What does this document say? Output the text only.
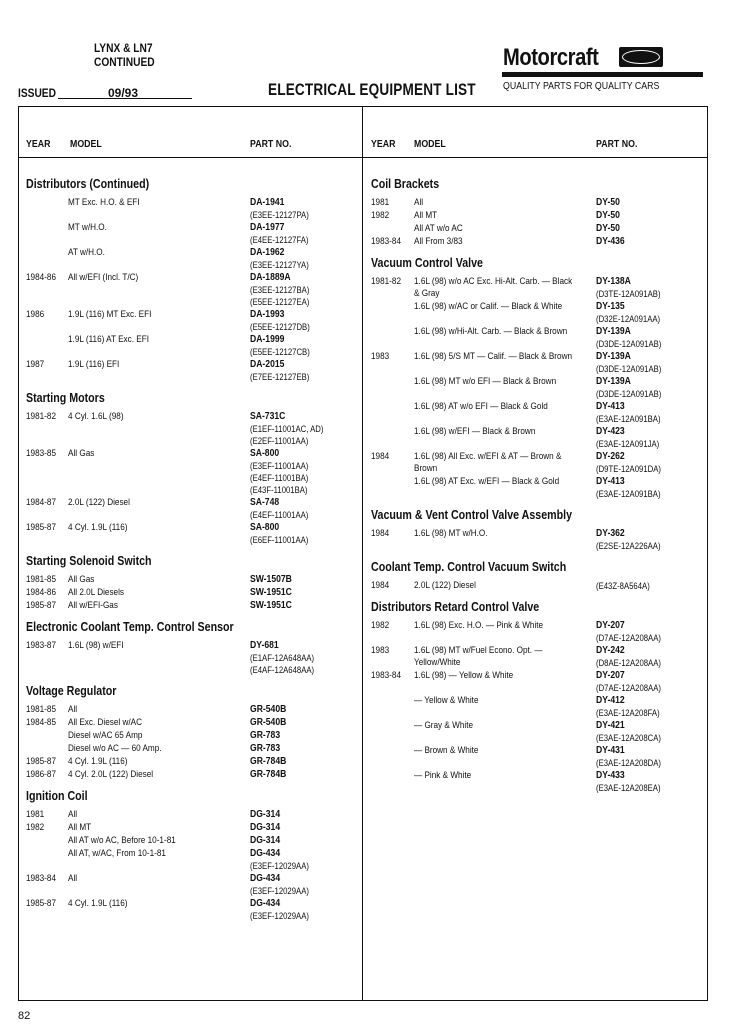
LYNX & LN7
CONTINUED
ISSUED	09/93	ELECTRICAL EQUIPMENT LIST
Motorcraft
QUALITY PARTS FOR QUALITY CARS
YEAR MODEL	PART NO.	YEAR MODEL	PART NO.
Distributors (Continued)
MT Exc. H.O. & EFI	DA-1941
(E3EE-12127PA)
MT w/H.O.	DA-1977
(E4EE-12127FA)
AT w/H.O.	DA-1962
(E3EE-12127YA)
1984-86 All w/EFI (Incl. T/C)	DA-1889A
(E3EE-12127BA)
(E5EE-12127EA)
1986	1.9L (116) MT Exc. EFI	DA-1993
(E5EE-12127DB)
1.9L (116) AT Exc. EFI	DA-1999
(E5EE-12127CB)
1987	1.9L (116) EFI	DA-2015
(E7EE-12127EB)
Starting Motors
1981-82 4 Cyl. 1.6L (98)	SA-731C
(E1EF-11001AC, AD)
(E2EF-11001AA)
1983-85 All Gas	SA-800
(E3EF-11001AA)
(E4EF-11001BA)
(E43F-11001BA)
1984-87 2.0L (122) Diesel	SA-748
(E4EF-11001AA)
1985-87 4 Cyl. 1.9L (116)	SA-800
(E6EF-11001AA)
Starting Solenoid Switch
1981-85 All Gas	SW-1507B
1984-86 All 2.0L Diesels	SW-1951C
1985-87 All w/EFI-Gas	SW-1951C
Electronic Coolant Temp. Control Sensor
1983-87 1.6L (98) w/EFI	DY-681
(E1AF-12A648AA)
(E4AF-12A648AA)
Voltage Regulator
1981-85 All	GR-540B
1984-85 All Exc. Diesel w/AC	GR-540B
Diesel w/AC 65 Amp	GR-783
Diesel w/o AC — 60 Amp.	GR-783
1985-87 4 Cyl. 1.9L (116)	GR-784B
1986-87 4 Cyl. 2.0L (122) Diesel	GR-784B
Ignition Coil
1981	All	DG-314
1982	All MT	DG-314
All AT w/o AC, Before 10-1-81	DG-314
All AT, w/AC, From 10-1-81	DG-434
(E3EF-12029AA)
1983-84 All	DG-434
(E3EF-12029AA)
1985-87 4 Cyl. 1.9L (116)	DG-434
(E3EF-12029AA)
Coil Brackets
1981	All	DY-50
1982	All MT	DY-50
All AT w/o AC	DY-50
1983-84 All From 3/83	DY-436
Vacuum Control Valve
1981-82 1.6L (98) w/o AC Exc. Hi-Alt. Carb. — Black
& Gray
DY-138A
(D3TE-12A091AB)
1.6L (98) w/AC or Calif. — Black & White	DY-135
(D32E-12A091AA)
1.6L (98) w/Hi-Alt. Carb. — Black & Brown	DY-139A
(D3DE-12A091AB)
1983	1.6L (98) 5/S MT — Calif. — Black & Brown DY-139A
(D3DE-12A091AB)
1.6L (98) MT w/o EFI — Black & Brown	DY-139A
(D3DE-12A091AB)
1.6L (98) AT w/o EFI — Black & Gold	DY-413
(E3AE-12A091BA)
1.6L (98) w/EFI — Black & Brown	DY-423
(E3AE-12A091JA)
1984	1.6L (98) All Exc. w/EFI & AT — Brown &
Brown
DY-262
(D9TE-12A091DA)
1.6L (98) AT Exc. w/EFI — Black & Gold	DY-413
(E3AE-12A091BA)
Vacuum & Vent Control Valve Assembly
1984	1.6L (98) MT w/H.O.	DY-362
(E2SE-12A226AA)
Coolant Temp. Control Vacuum Switch
1984	2.0L (122) Diesel	(E43Z-8A564A)
Distributors Retard Control Valve
1982	1.6L (98) Exc. H.O. — Pink & White	DY-207
(D7AE-12A208AA)
1983	1.6L (98) MT w/Fuel Econo. Opt. —
Yellow/White
DY-242
(D8AE-12A208AA)
1983-84 1.6L (98) — Yellow & White	DY-207
(D7AE-12A208AA)
— Yellow & White	DY-412
(E3AE-12A208FA)
— Gray & White	DY-421
(E3AE-12A208CA)
— Brown & White	DY-431
(E3AE-12A208DA)
— Pink & White	DY-433
(E3AE-12A208EA)
82
